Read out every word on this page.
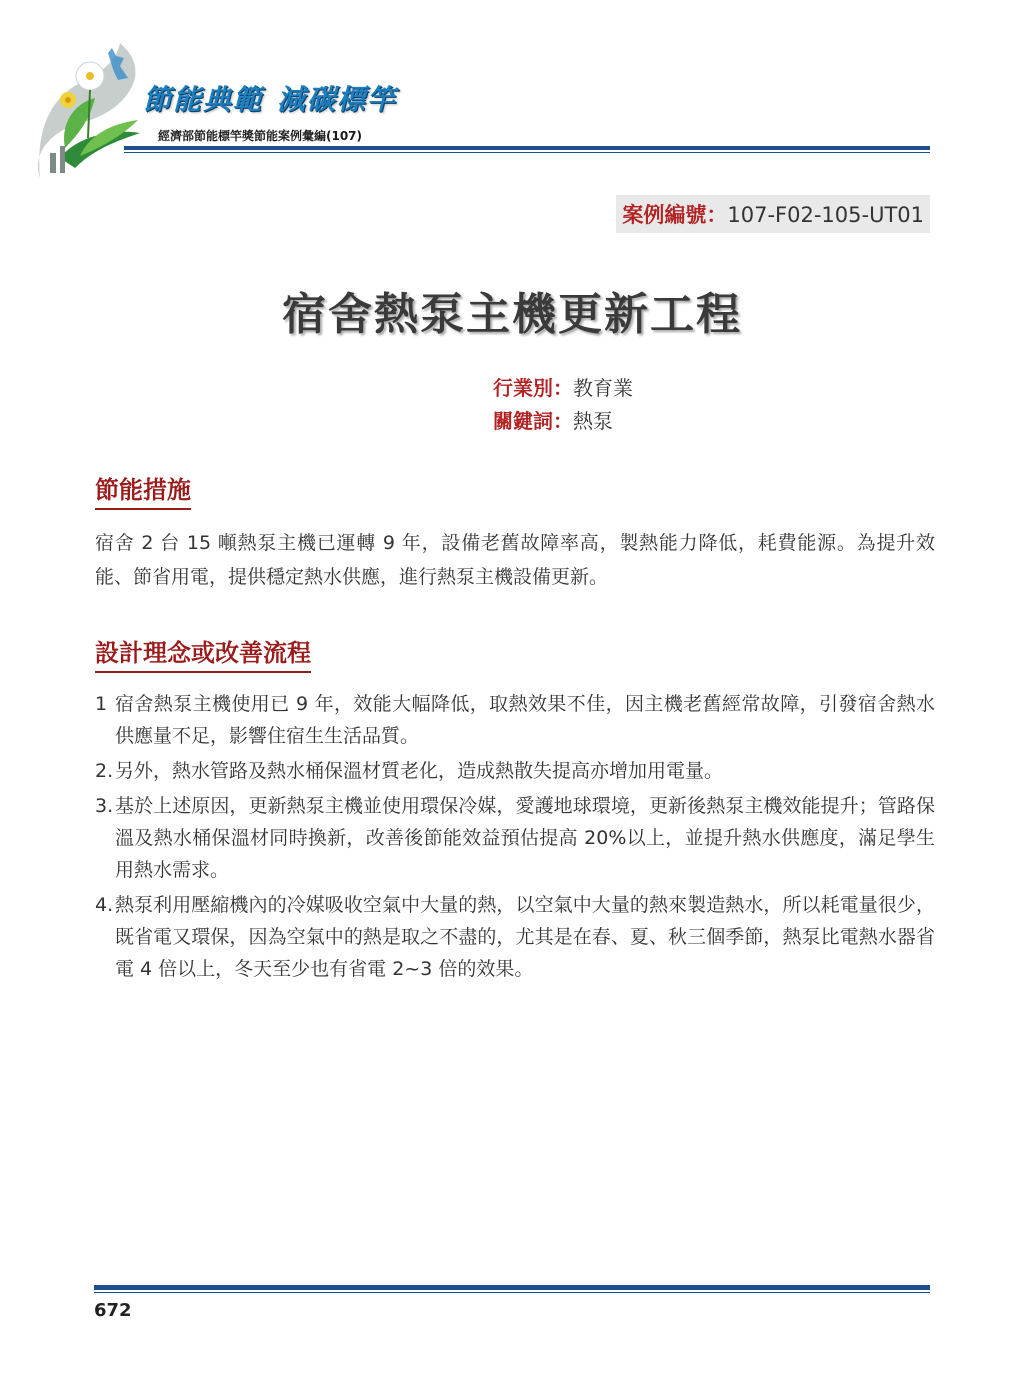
節能典範 減碳標竿
經濟部節能標竿獎節能案例彙編(107)
案例編號：107-F02-105-UT01
宿舍熱泵主機更新工程
行業別：教育業
關鍵詞：熱泵
節能措施
宿舍 2 台 15 噸熱泵主機已運轉 9 年，設備老舊故障率高，製熱能力降低，耗費能源。為提升效能、節省用電，提供穩定熱水供應，進行熱泵主機設備更新。
設計理念或改善流程
1 宿舍熱泵主機使用已 9 年，效能大幅降低，取熱效果不佳，因主機老舊經常故障，引發宿舍熱水供應量不足，影響住宿生生活品質。
2. 另外，熱水管路及熱水桶保溫材質老化，造成熱散失提高亦增加用電量。
3. 基於上述原因，更新熱泵主機並使用環保冷媒，愛護地球環境，更新後熱泵主機效能提升；管路保溫及熱水桶保溫材同時換新，改善後節能效益預估提高 20%以上，並提升熱水供應度，滿足學生用熱水需求。
4. 熱泵利用壓縮機內的冷媒吸收空氣中大量的熱，以空氣中大量的熱來製造熱水，所以耗電量很少，既省電又環保，因為空氣中的熱是取之不盡的，尤其是在春、夏、秋三個季節，熱泵比電熱水器省電 4 倍以上，冬天至少也有省電 2~3 倍的效果。
672
